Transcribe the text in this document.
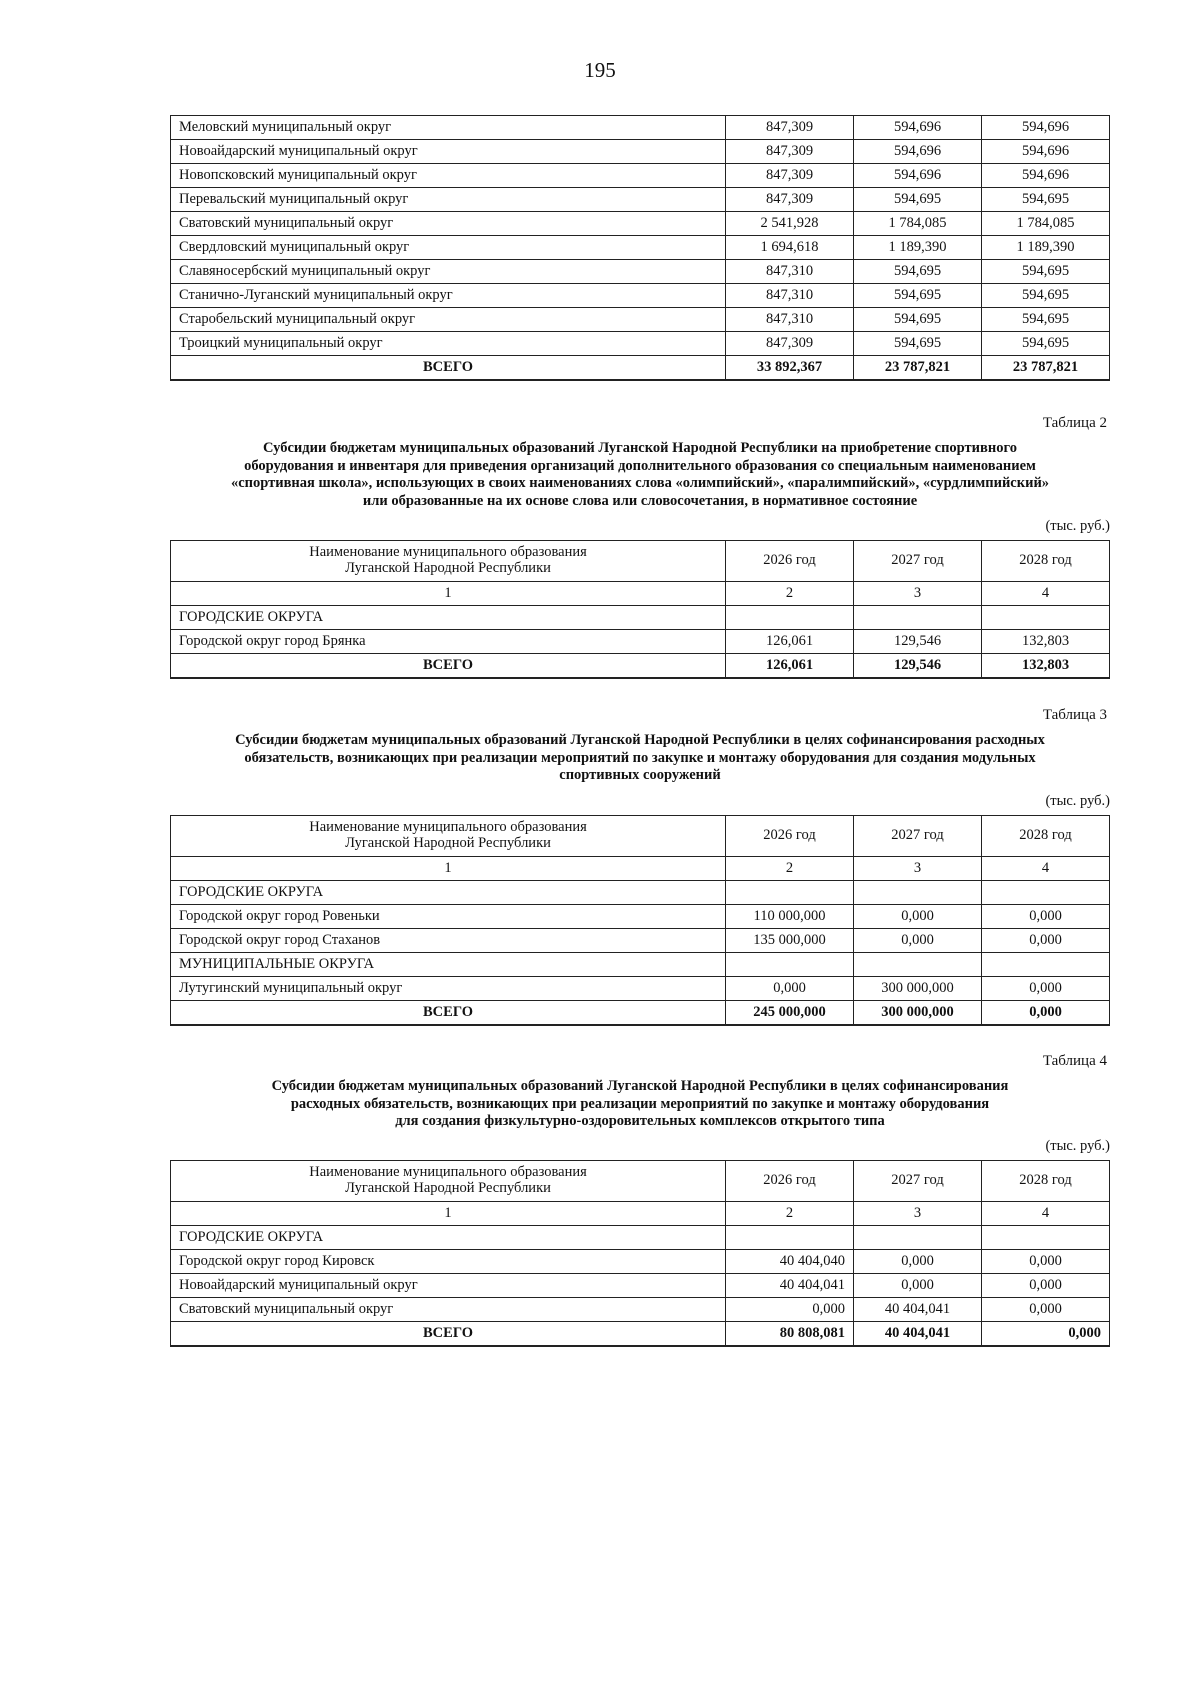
195
Меловский муниципальный округ	847,309	594,696	594,696
Новоайдарский муниципальный округ	847,309	594,696	594,696
Новопсковский муниципальный округ	847,309	594,696	594,696
Перевальский муниципальный округ	847,309	594,695	594,695
Сватовский муниципальный округ	2 541,928	1 784,085	1 784,085
Свердловский муниципальный округ	1 694,618	1 189,390	1 189,390
Славяносербский муниципальный округ	847,310	594,695	594,695
Станично-Луганский муниципальный округ	847,310	594,695	594,695
Старобельский муниципальный округ	847,310	594,695	594,695
Троицкий муниципальный округ	847,309	594,695	594,695
ВСЕГО	33 892,367	23 787,821	23 787,821
Таблица 2
Субсидии бюджетам муниципальных образований Луганской Народной Республики на приобретение спортивного
оборудования и инвентаря для приведения организаций дополнительного образования со специальным наименованием
«спортивная школа», использующих в своих наименованиях слова «олимпийский», «паралимпийский», «сурдлимпийский»
или образованные на их основе слова или словосочетания, в нормативное состояние
(тыс. руб.)
Наименование муниципального образования
Луганской Народной Республики	2026 год	2027 год	2028 год
1	2	3	4
ГОРОДСКИЕ ОКРУГА			
Городской округ город Брянка	126,061	129,546	132,803
ВСЕГО	126,061	129,546	132,803
Таблица 3
Субсидии бюджетам муниципальных образований Луганской Народной Республики в целях софинансирования расходных
обязательств, возникающих при реализации мероприятий по закупке и монтажу оборудования для создания модульных
спортивных сооружений
(тыс. руб.)
Наименование муниципального образования
Луганской Народной Республики	2026 год	2027 год	2028 год
1	2	3	4
ГОРОДСКИЕ ОКРУГА			
Городской округ город Ровеньки	110 000,000	0,000	0,000
Городской округ город Стаханов	135 000,000	0,000	0,000
МУНИЦИПАЛЬНЫЕ ОКРУГА			
Лутугинский муниципальный округ	0,000	300 000,000	0,000
ВСЕГО	245 000,000	300 000,000	0,000
Таблица 4
Субсидии бюджетам муниципальных образований Луганской Народной Республики в целях софинансирования
расходных обязательств, возникающих при реализации мероприятий по закупке и монтажу оборудования
для создания физкультурно-оздоровительных комплексов открытого типа
(тыс. руб.)
Наименование муниципального образования
Луганской Народной Республики	2026 год	2027 год	2028 год
1	2	3	4
ГОРОДСКИЕ ОКРУГА			
Городской округ город Кировск	40 404,040	0,000	0,000
Новоайдарский муниципальный округ	40 404,041	0,000	0,000
Сватовский муниципальный округ	0,000	40 404,041	0,000
ВСЕГО	80 808,081	40 404,041	0,000
